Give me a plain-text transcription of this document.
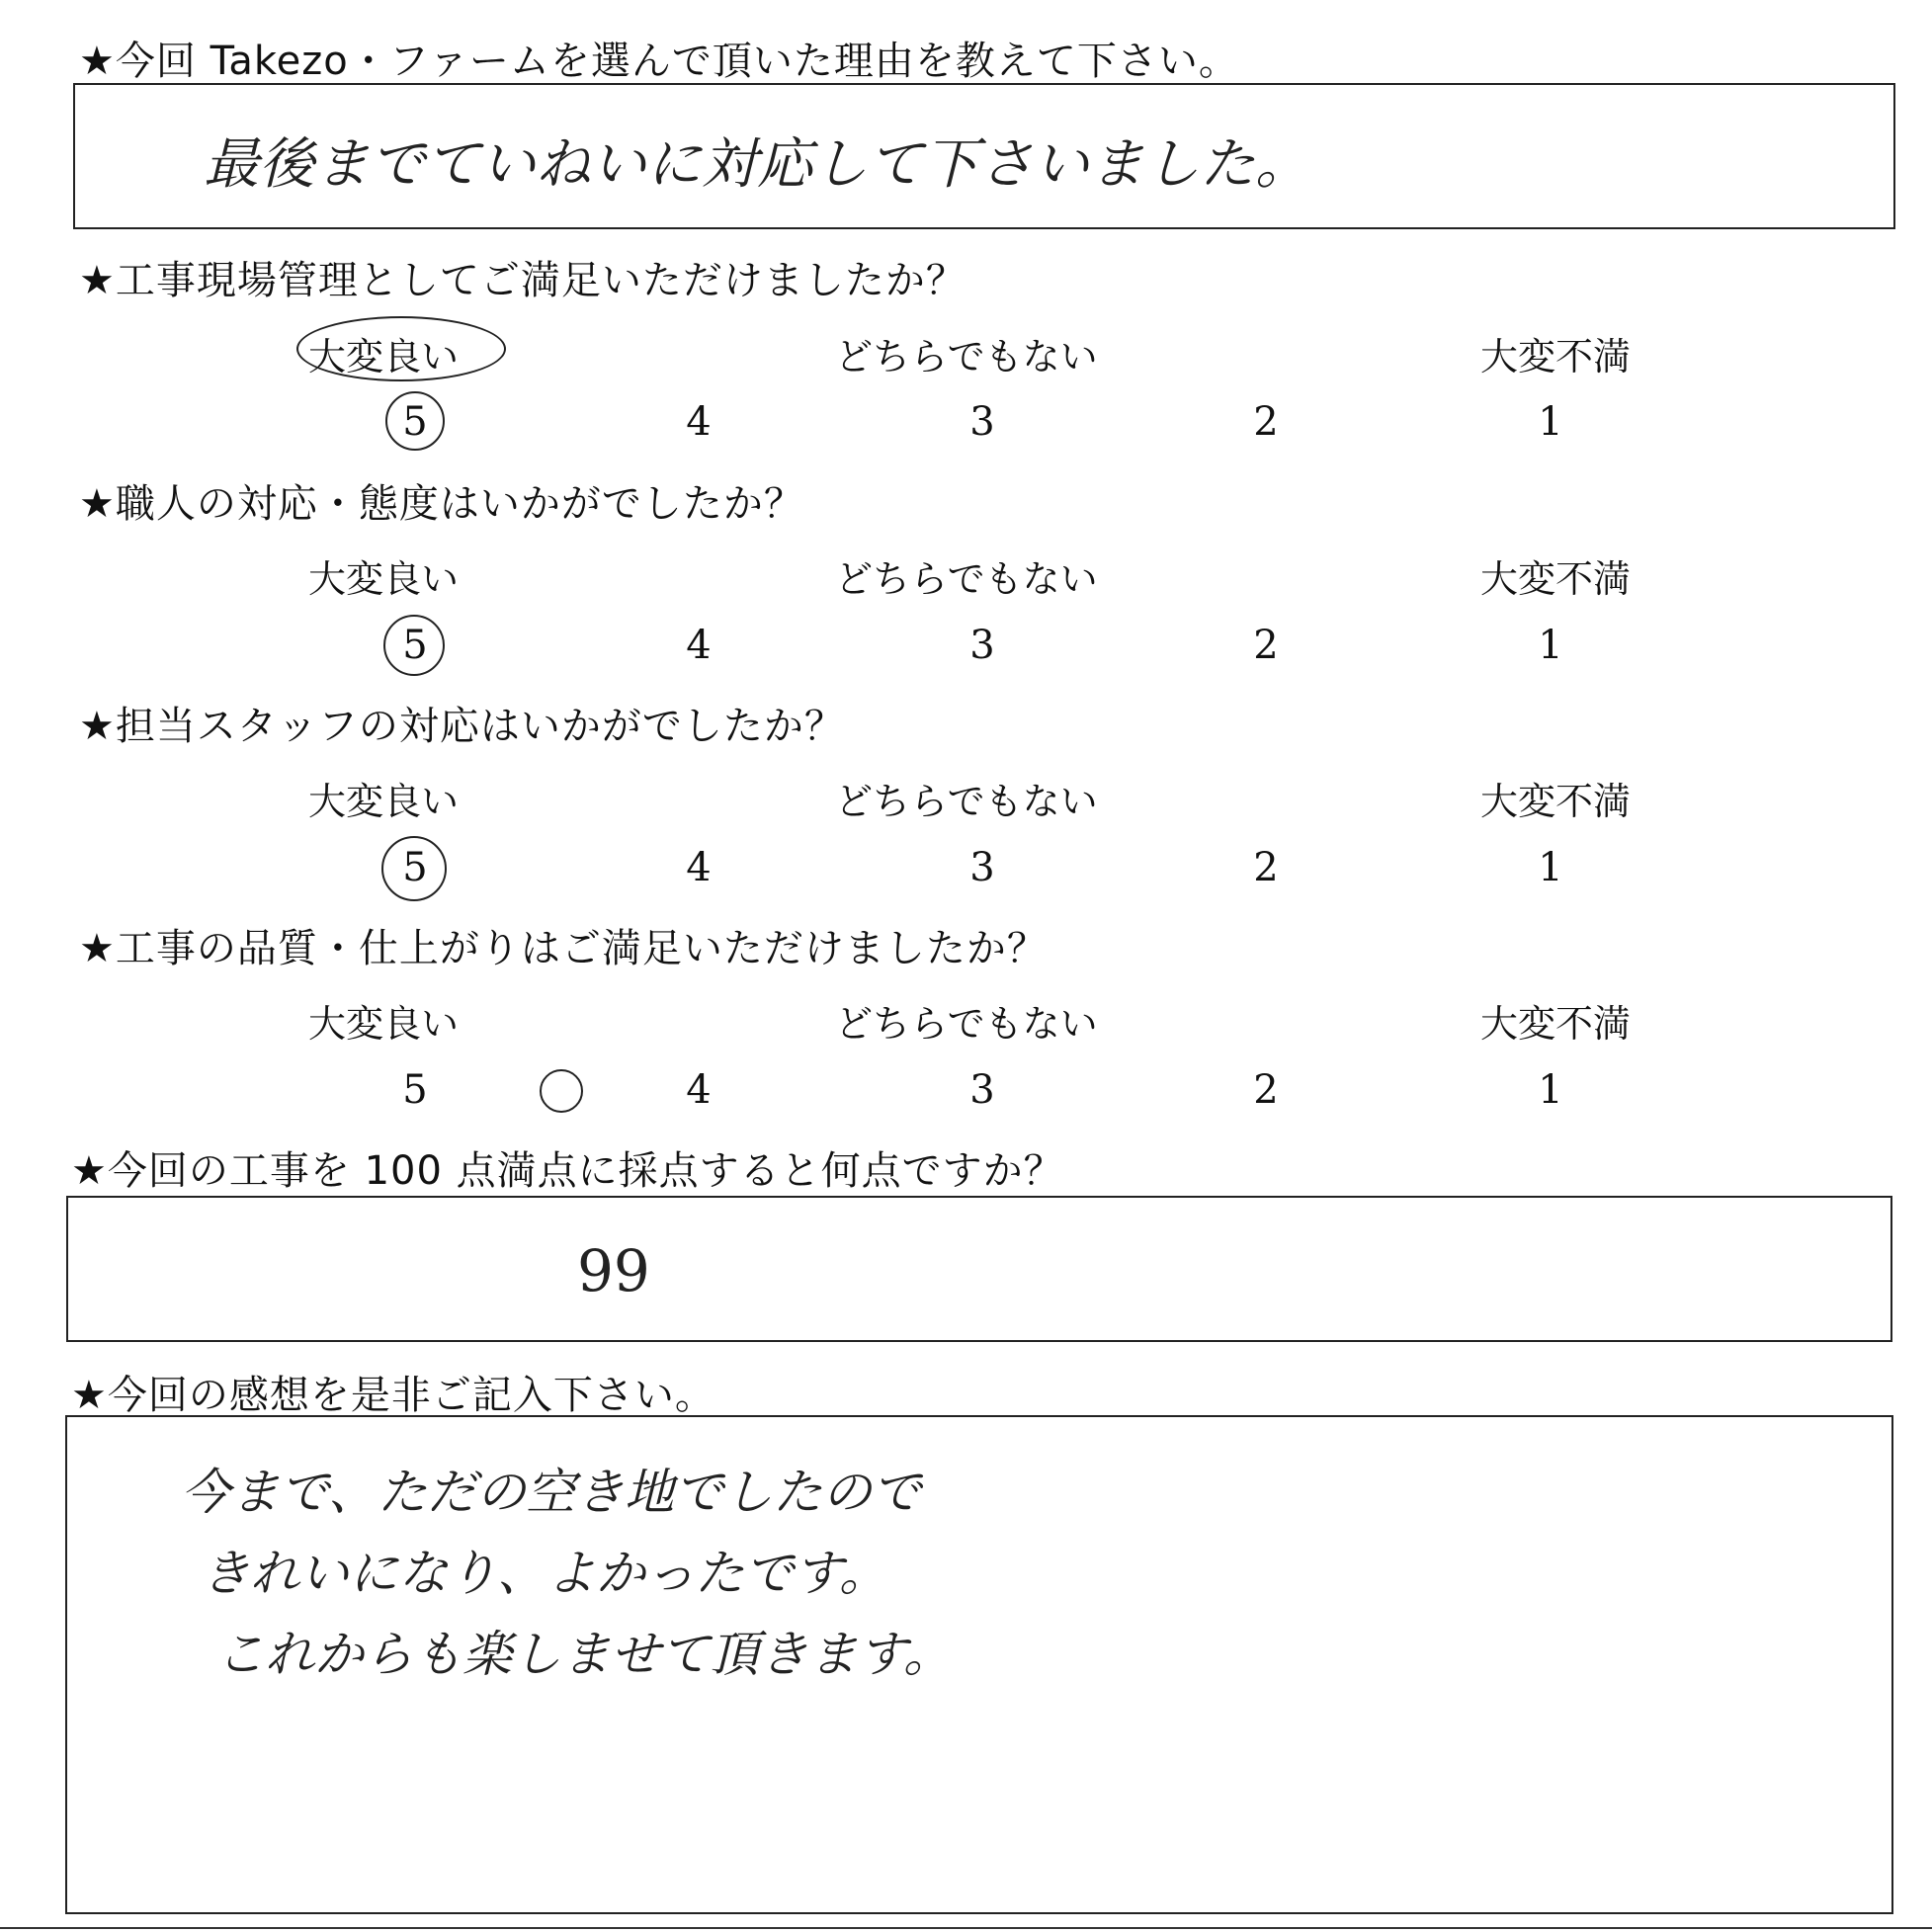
★今回 Takezo・ファームを選んで頂いた理由を教えて下さい。
最後までていねいに対応して下さいました。
★工事現場管理としてご満足いただけましたか？
大変良い	どちらでもない	大変不満
5	4	3	2	1
★職人の対応・態度はいかがでしたか？
大変良い	どちらでもない	大変不満
5	4	3	2	1
★担当スタッフの対応はいかがでしたか？
大変良い	どちらでもない	大変不満
5	4	3	2	1
★工事の品質・仕上がりはご満足いただけましたか？
大変良い	どちらでもない	大変不満
5	4	3	2	1
★今回の工事を 100 点満点に採点すると何点ですか？
99
★今回の感想を是非ご記入下さい。
今まで、ただの空き地でしたので
きれいになり、よかったです。
これからも楽しませて頂きます。
